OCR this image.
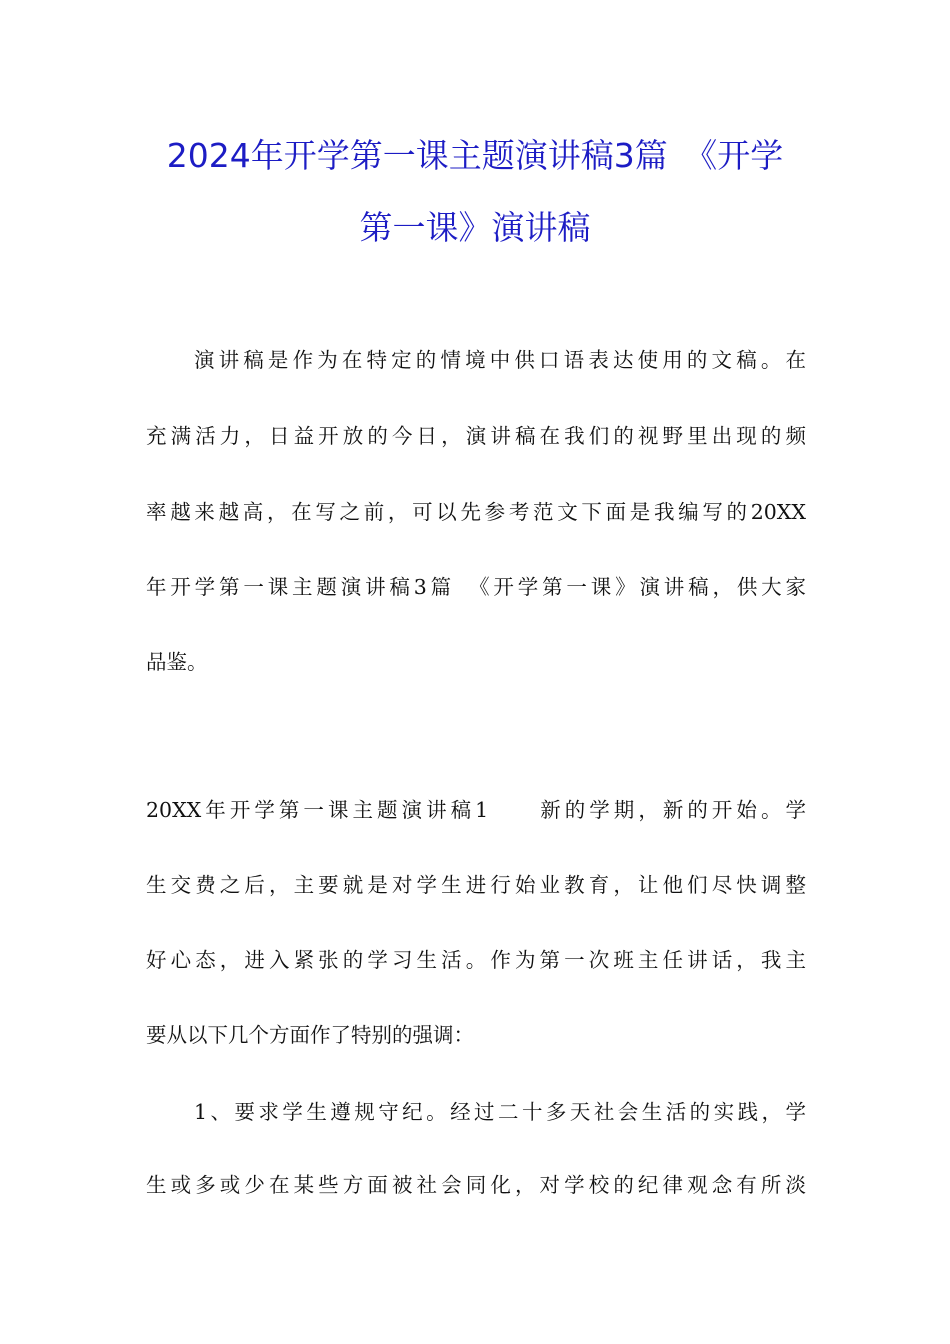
2024年开学第一课主题演讲稿3篇　《开学
第一课》演讲稿
演讲稿是作为在特定的情境中供口语表达使用的文稿。在
充满活力，日益开放的今日，演讲稿在我们的视野里出现的频
率越来越高，在写之前，可以先参考范文下面是我编写的20XX
年开学第一课主题演讲稿3篇　《开学第一课》演讲稿，供大家
品鉴。
20XX年开学第一课主题演讲稿1 新的学期，新的开始。学
生交费之后，主要就是对学生进行始业教育，让他们尽快调整
好心态，进入紧张的学习生活。作为第一次班主任讲话，我主
要从以下几个方面作了特别的强调：
1、要求学生遵规守纪。经过二十多天社会生活的实践，学
生或多或少在某些方面被社会同化，对学校的纪律观念有所淡
